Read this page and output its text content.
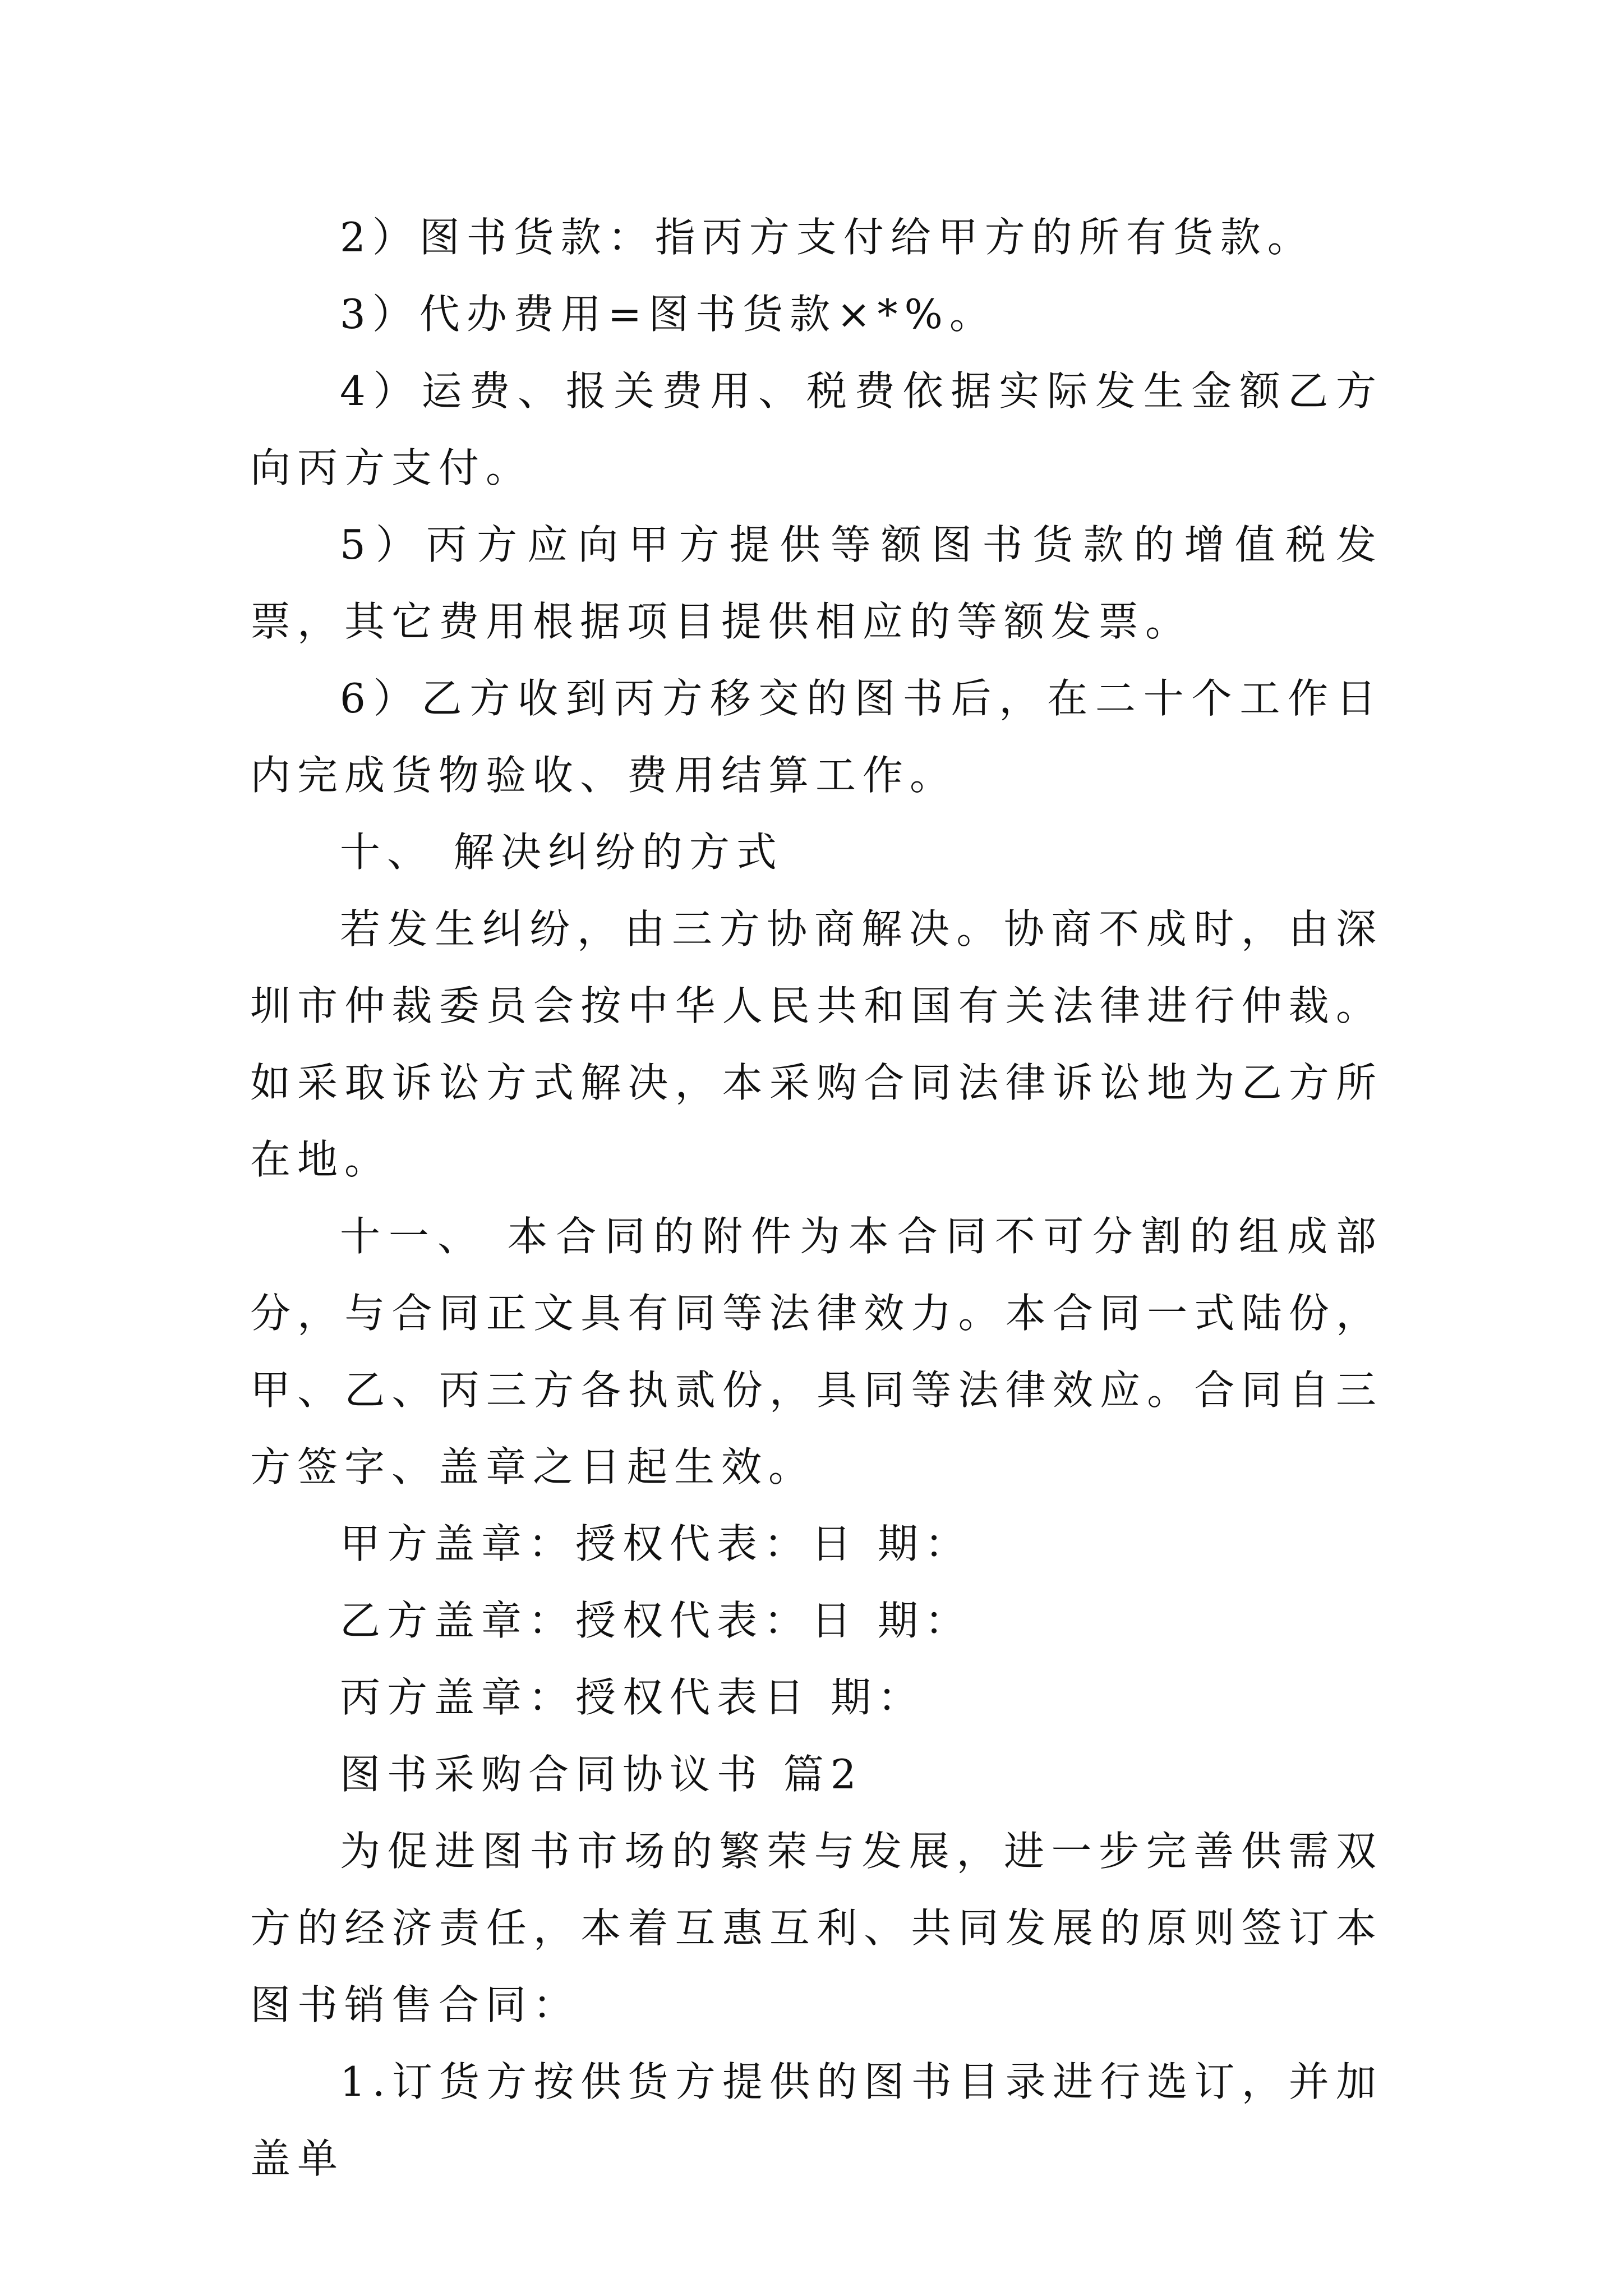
2）图书货款：指丙方支付给甲方的所有货款。

3）代办费用=图书货款×*%。

4）运费、报关费用、税费依据实际发生金额乙方向丙方支付。

5）丙方应向甲方提供等额图书货款的增值税发票，其它费用根据项目提供相应的等额发票。

6）乙方收到丙方移交的图书后，在二十个工作日内完成货物验收、费用结算工作。

十、 解决纠纷的方式

若发生纠纷，由三方协商解决。协商不成时，由深圳市仲裁委员会按中华人民共和国有关法律进行仲裁。如采取诉讼方式解决，本采购合同法律诉讼地为乙方所在地。

十一、 本合同的附件为本合同不可分割的组成部分，与合同正文具有同等法律效力。本合同一式陆份，甲、乙、丙三方各执贰份，具同等法律效应。合同自三方签字、盖章之日起生效。

甲方盖章：授权代表：日 期：

乙方盖章：授权代表：日 期：

丙方盖章：授权代表日 期：

图书采购合同协议书 篇2

为促进图书市场的繁荣与发展，进一步完善供需双方的经济责任，本着互惠互利、共同发展的原则签订本图书销售合同：

1.订货方按供货方提供的图书目录进行选订，并加盖单
